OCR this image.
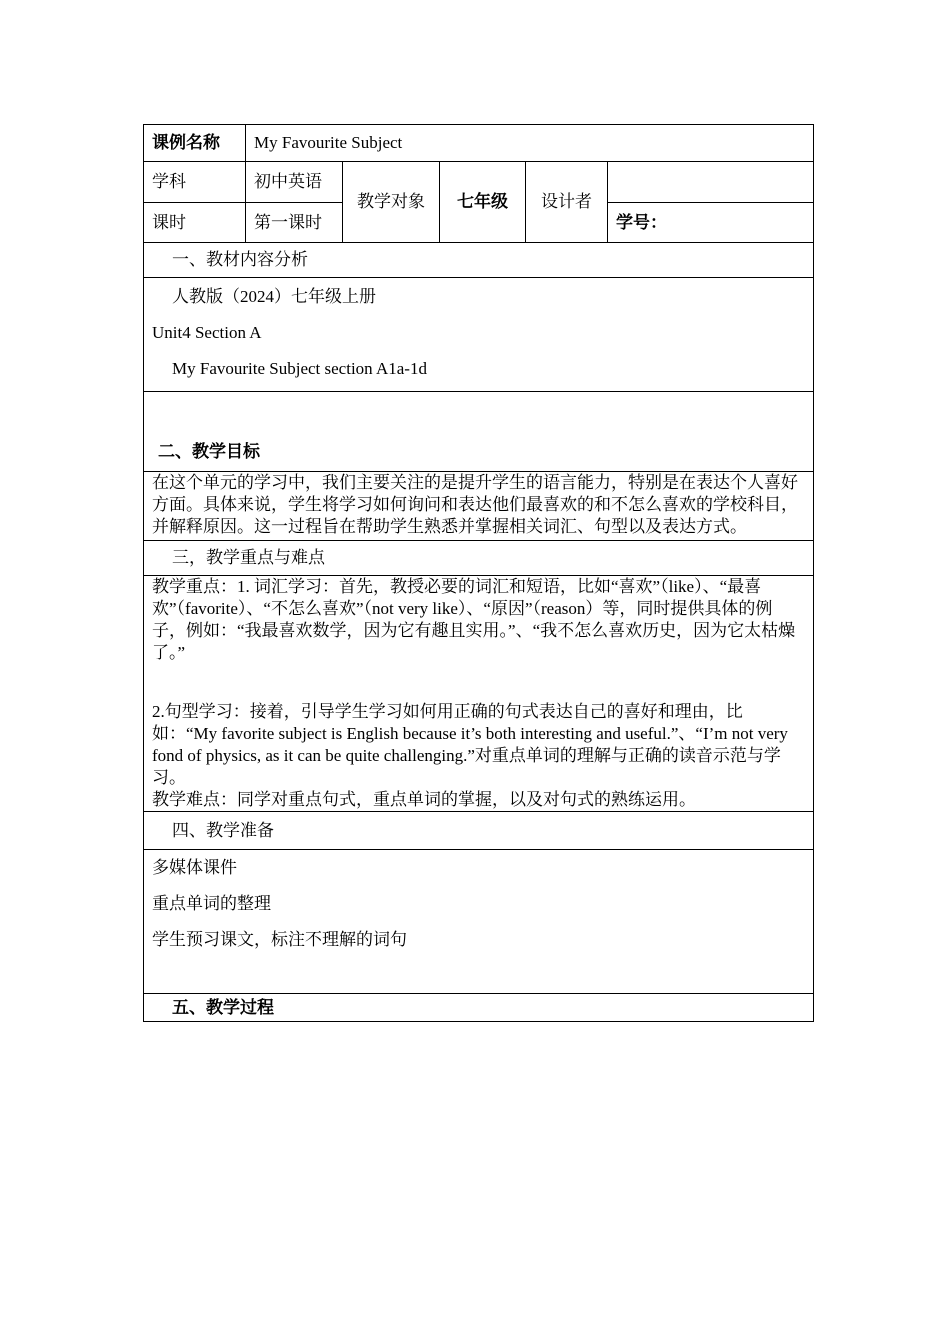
课例名称	My Favourite Subject				
学科	初中英语	教学对象	七年级	设计者	
课时	第一课时				学号：
一、教材内容分析					

人教版（2024）七年级上册
Unit4 Section A
My Favourite Subject section A1a-1d					

二、教学目标					
在这个单元的学习中，我们主要关注的是提升学生的语言能力，特别是在表达个人喜好方面。具体来说，学生将学习如何询问和表达他们最喜欢的和不怎么喜欢的学校科目，并解释原因。这一过程旨在帮助学生熟悉并掌握相关词汇、句型以及表达方式。					
三，教学重点与难点					
教学重点：1. 词汇学习：首先，教授必要的词汇和短语，比如“喜欢”（like）、“最喜欢”（favorite）、“不怎么喜欢”（not very like）、“原因”（reason）等，同时提供具体的例子，例如：“我最喜欢数学，因为它有趣且实用。”、“我不怎么喜欢历史，因为它太枯燥了。”
2.句型学习：接着，引导学生学习如何用正确的句式表达自己的喜好和理由，比如：“My favorite subject is English because it’s both interesting and useful.”、“I’m not very fond of physics, as it can be quite challenging.”对重点单词的理解与正确的读音示范与学习。
教学难点：同学对重点句式，重点单词的掌握，以及对句式的熟练运用。					
四、教学准备					

多媒体课件
重点单词的整理
学生预习课文，标注不理解的词句					

五、教学过程					
